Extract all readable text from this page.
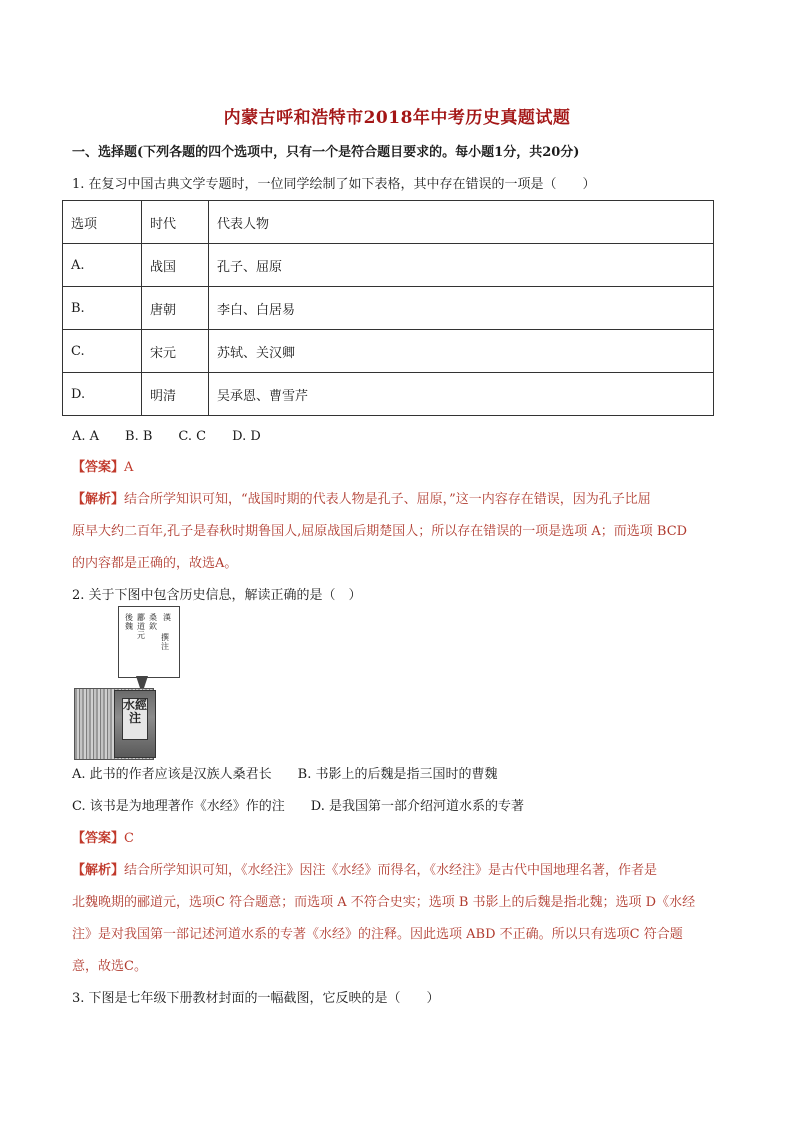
内蒙古呼和浩特市2018年中考历史真题试题
一、选择题(下列各题的四个选项中，只有一个是符合题目要求的。每小题1分，共20分)
1. 在复习中国古典文学专题时，一位同学绘制了如下表格，其中存在错误的一项是（　　）
选项	时代	代表人物
A.	战国	孔子、屈原
B.	唐朝	李白、白居易
C.	宋元	苏轼、关汉卿
D.	明清	吴承恩、曹雪芹
A. A　　B. B　　C. C　　D. D
【答案】A
【解析】结合所学知识可知，“战国时期的代表人物是孔子、屈原，”这一内容存在错误，因为孔子比屈
原早大约二百年,孔子是春秋时期鲁国人,屈原战国后期楚国人；所以存在错误的一项是选项 A；而选项 BCD
的内容都是正确的，故选A。
2. 关于下图中包含历史信息，解读正确的是（　）
漢
後魏
桑欽
酈道元 撰注
水經注
A. 此书的作者应该是汉族人桑君长　　B. 书影上的后魏是指三国时的曹魏
C. 该书是为地理著作《水经》作的注　　D. 是我国第一部介绍河道水系的专著
【答案】C
【解析】结合所学知识可知，《水经注》因注《水经》而得名，《水经注》是古代中国地理名著，作者是
北魏晚期的郦道元，选项C 符合题意；而选项 A 不符合史实；选项 B 书影上的后魏是指北魏；选项 D《水经
注》是对我国第一部记述河道水系的专著《水经》的注释。因此选项 ABD 不正确。所以只有选项C 符合题
意，故选C。
3. 下图是七年级下册教材封面的一幅截图，它反映的是（　　）
